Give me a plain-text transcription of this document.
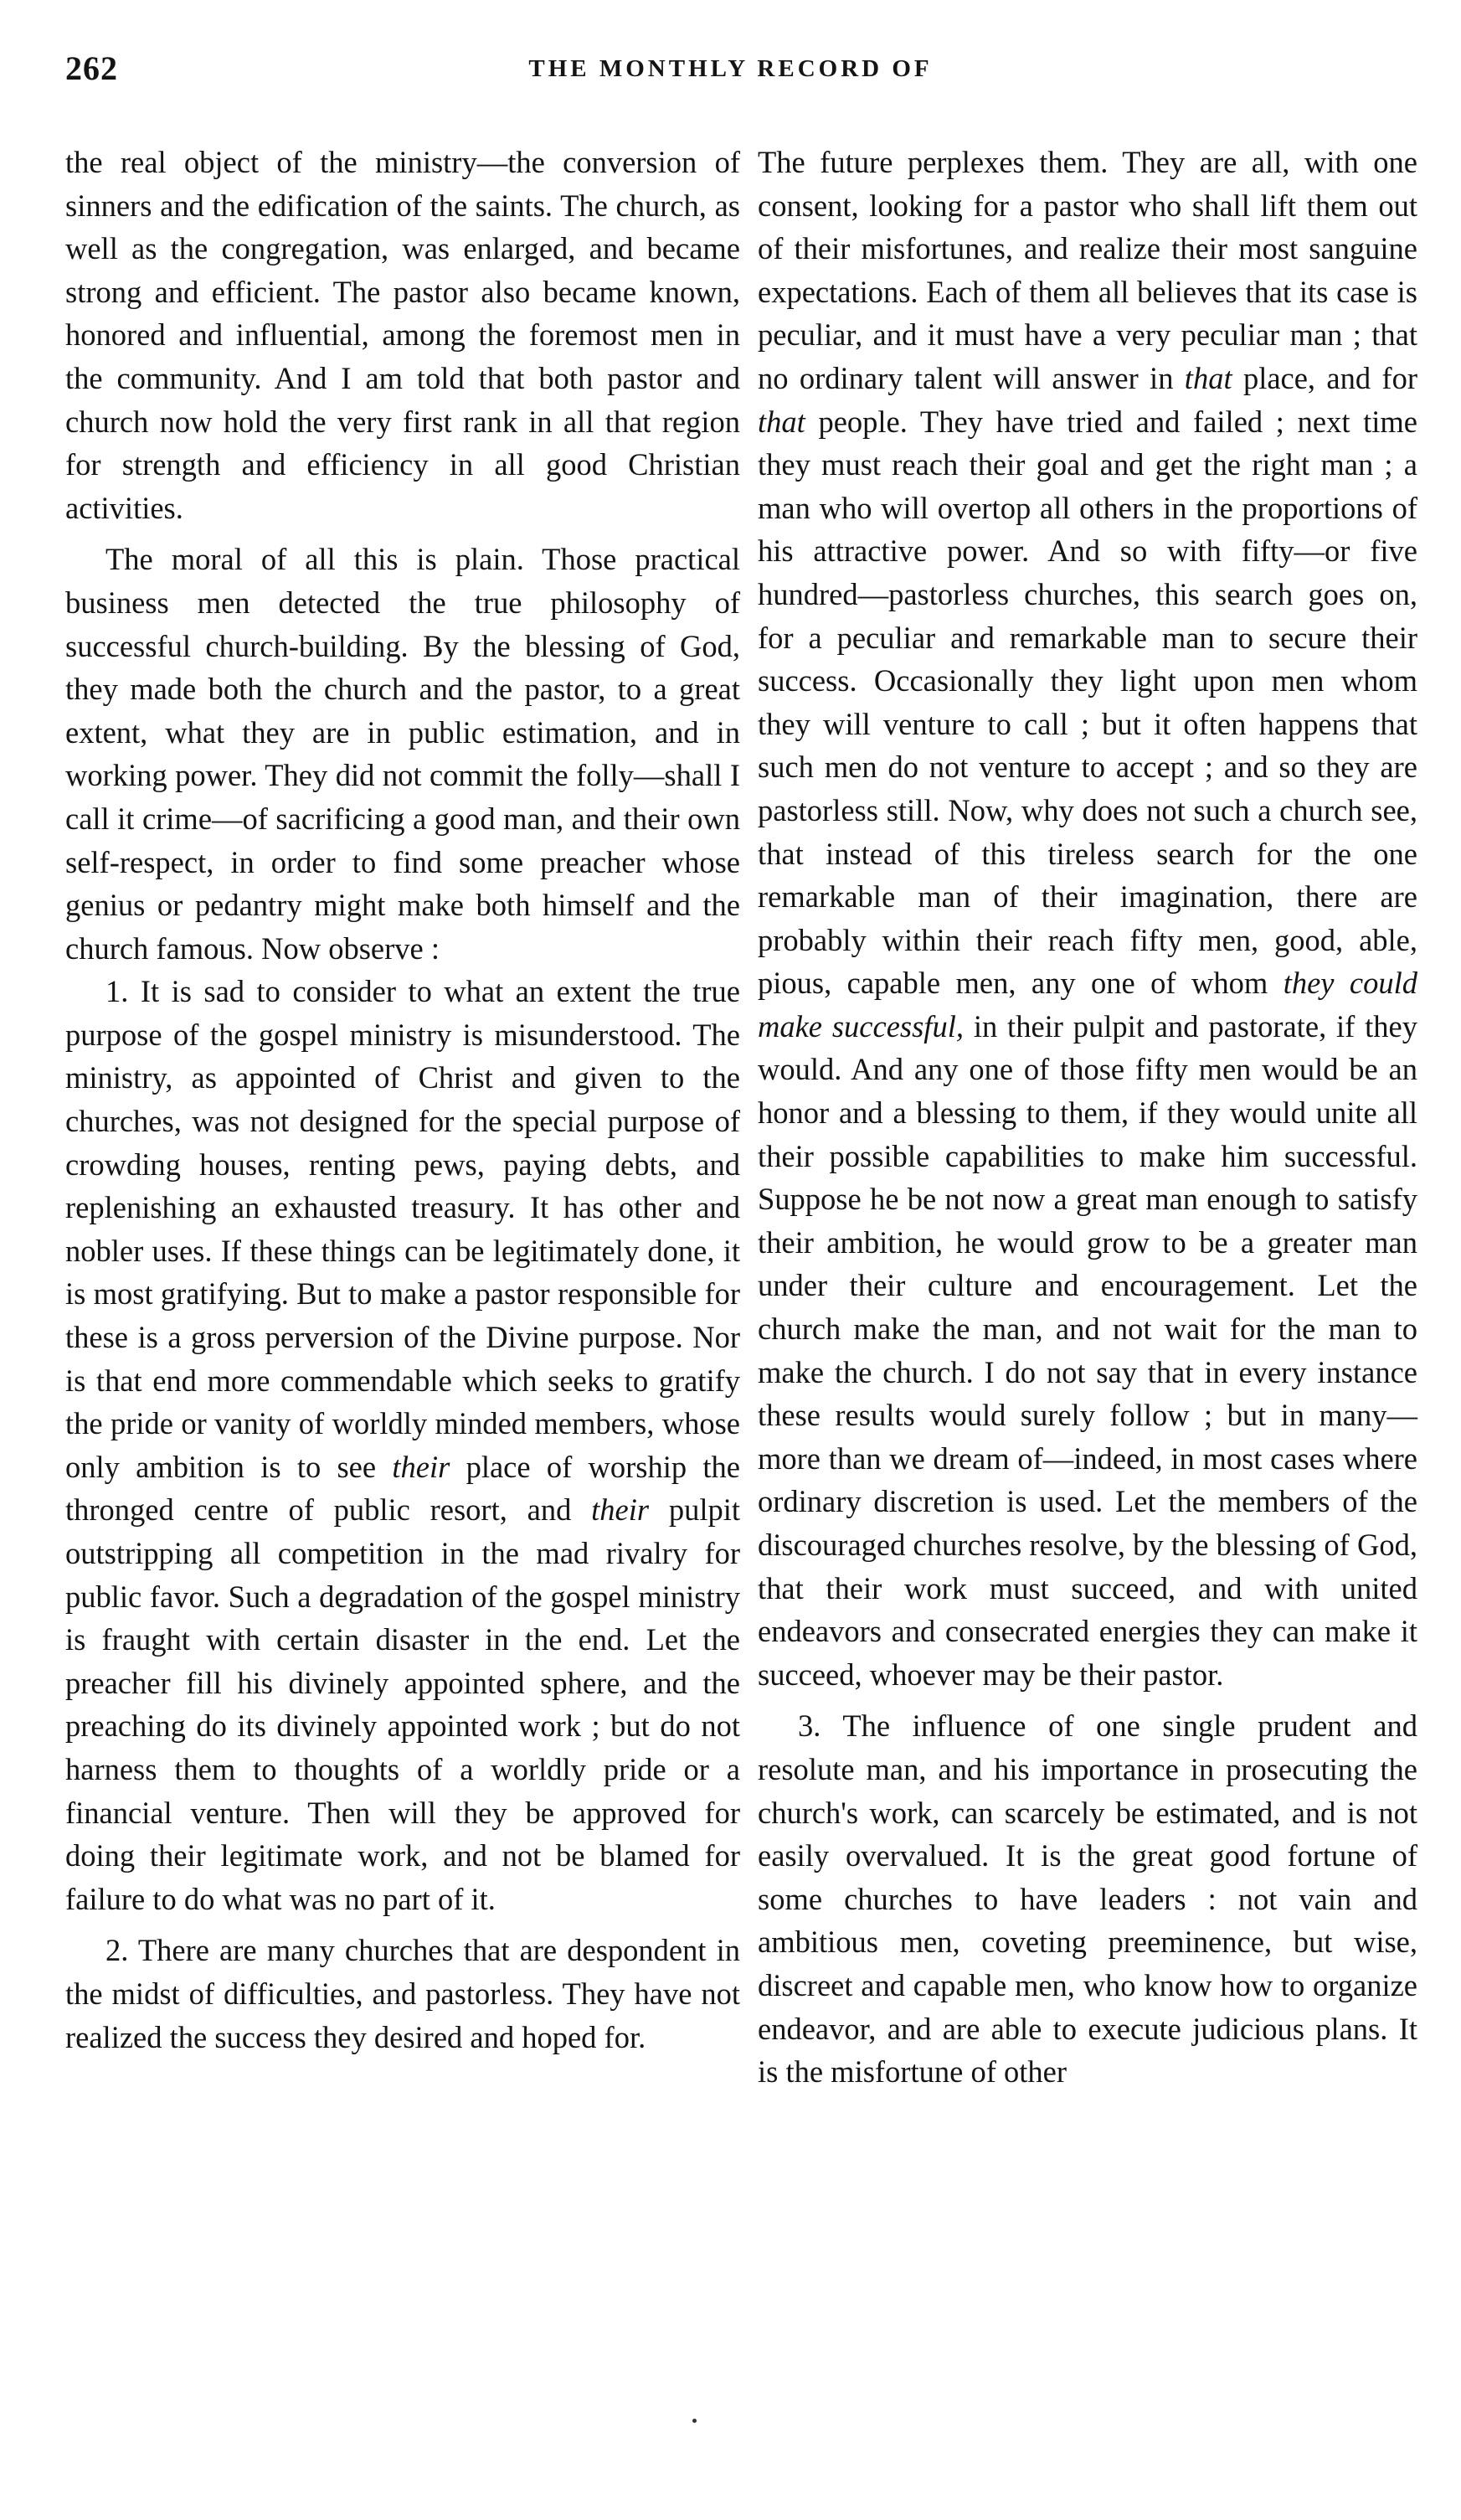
262	THE MONTHLY RECORD OF

the real object of the ministry—the conversion of sinners and the edification of the saints. The church, as well as the congregation, was enlarged, and became strong and efficient. The pastor also became known, honored and influential, among the foremost men in the community. And I am told that both pastor and church now hold the very first rank in all that region for strength and efficiency in all good Christian activities.

The moral of all this is plain. Those practical business men detected the true philosophy of successful church-building. By the blessing of God, they made both the church and the pastor, to a great extent, what they are in public estimation, and in working power. They did not commit the folly—shall I call it crime—of sacrificing a good man, and their own self-respect, in order to find some preacher whose genius or pedantry might make both himself and the church famous. Now observe :

1. It is sad to consider to what an extent the true purpose of the gospel ministry is misunderstood. The ministry, as appointed of Christ and given to the churches, was not designed for the special purpose of crowding houses, renting pews, paying debts, and replenishing an exhausted treasury. It has other and nobler uses. If these things can be legitimately done, it is most gratifying. But to make a pastor responsible for these is a gross perversion of the Divine purpose. Nor is that end more commendable which seeks to gratify the pride or vanity of worldly minded members, whose only ambition is to see their place of worship the thronged centre of public resort, and their pulpit outstripping all competition in the mad rivalry for public favor. Such a degradation of the gospel ministry is fraught with certain disaster in the end. Let the preacher fill his divinely appointed sphere, and the preaching do its divinely appointed work ; but do not harness them to thoughts of a worldly pride or a financial venture. Then will they be approved for doing their legitimate work, and not be blamed for failure to do what was no part of it.

2. There are many churches that are despondent in the midst of difficulties, and pastorless. They have not realized the success they desired and hoped for.

The future perplexes them. They are all, with one consent, looking for a pastor who shall lift them out of their misfortunes, and realize their most sanguine expectations. Each of them all believes that its case is peculiar, and it must have a very peculiar man ; that no ordinary talent will answer in that place, and for that people. They have tried and failed ; next time they must reach their goal and get the right man ; a man who will overtop all others in the proportions of his attractive power. And so with fifty—or five hundred—pastorless churches, this search goes on, for a peculiar and remarkable man to secure their success. Occasionally they light upon men whom they will venture to call ; but it often happens that such men do not venture to accept ; and so they are pastorless still. Now, why does not such a church see, that instead of this tireless search for the one remarkable man of their imagination, there are probably within their reach fifty men, good, able, pious, capable men, any one of whom they could make successful, in their pulpit and pastorate, if they would. And any one of those fifty men would be an honor and a blessing to them, if they would unite all their possible capabilities to make him successful. Suppose he be not now a great man enough to satisfy their ambition, he would grow to be a greater man under their culture and encouragement. Let the church make the man, and not wait for the man to make the church. I do not say that in every instance these results would surely follow ; but in many—more than we dream of—indeed, in most cases where ordinary discretion is used. Let the members of the discouraged churches resolve, by the blessing of God, that their work must succeed, and with united endeavors and consecrated energies they can make it succeed, whoever may be their pastor.

3. The influence of one single prudent and resolute man, and his importance in prosecuting the church's work, can scarcely be estimated, and is not easily overvalued. It is the great good fortune of some churches to have leaders : not vain and ambitious men, coveting preeminence, but wise, discreet and capable men, who know how to organize endeavor, and are able to execute judicious plans. It is the misfortune of other
